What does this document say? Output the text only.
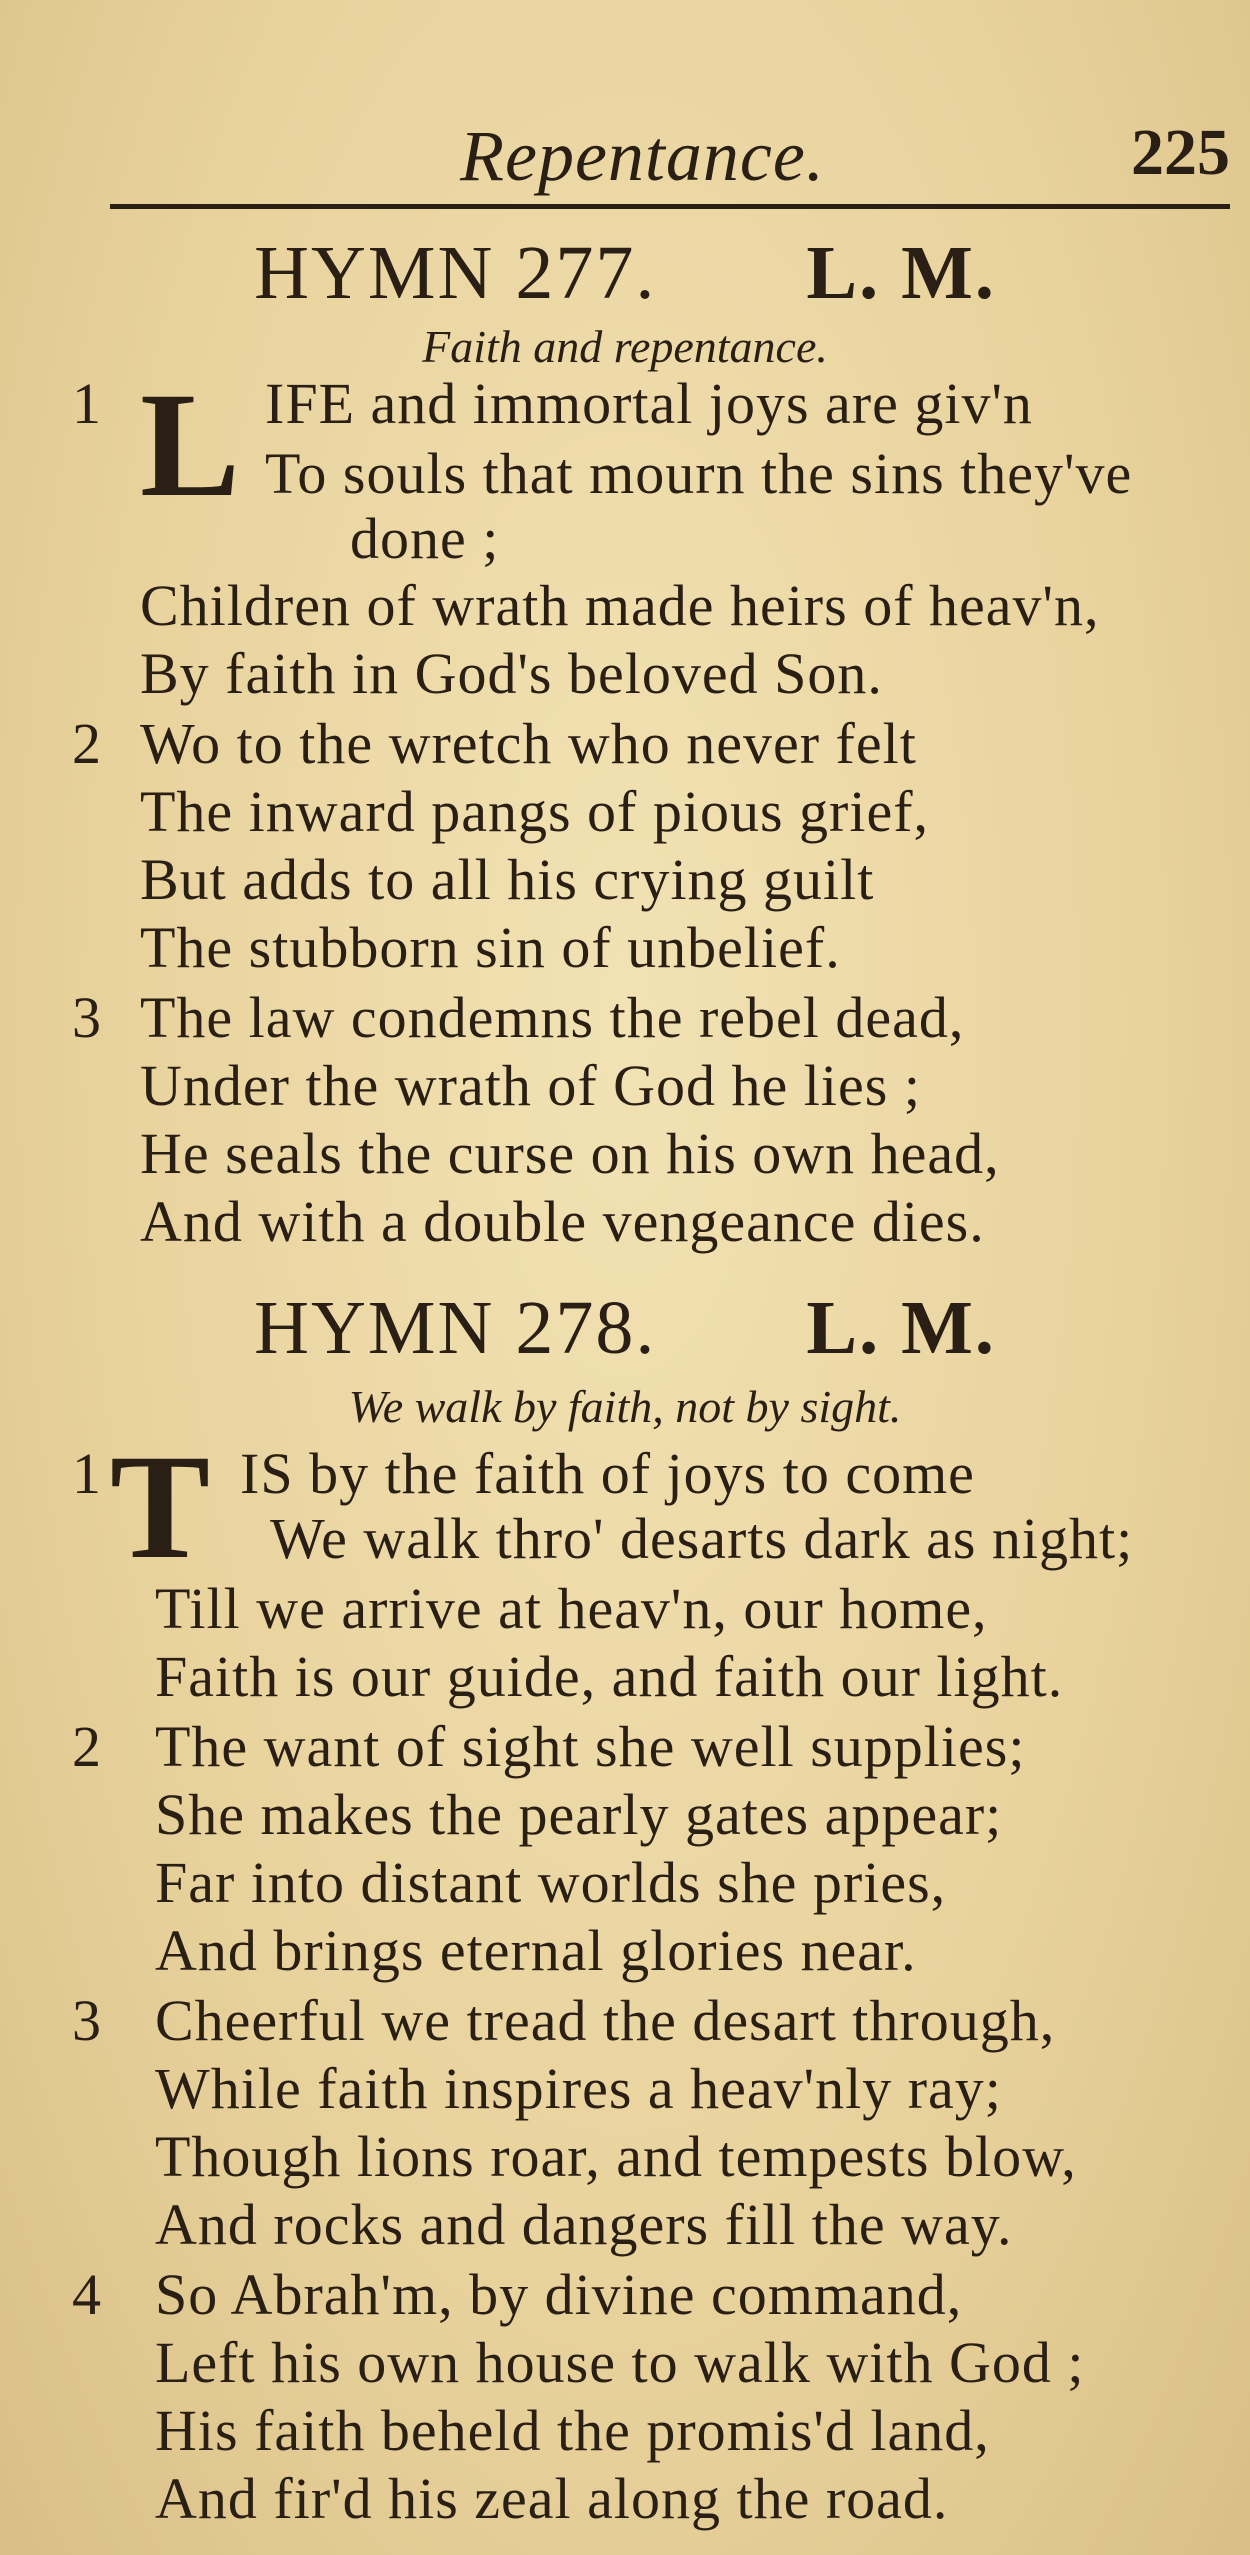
Repentance.	225
HYMN 277. L. M.
Faith and repentance.
1 L IFE and immortal joys are giv'n
To souls that mourn the sins they've
done ;
Children of wrath made heirs of heav'n,
By faith in God's beloved Son.
2 Wo to the wretch who never felt
The inward pangs of pious grief,
But adds to all his crying guilt
The stubborn sin of unbelief.
3 The law condemns the rebel dead,
Under the wrath of God he lies ;
He seals the curse on his own head,
And with a double vengeance dies.
HYMN 278. L. M.
We walk by faith, not by sight.
1 T IS by the faith of joys to come
We walk thro' desarts dark as night;
Till we arrive at heav'n, our home,
Faith is our guide, and faith our light.
2 The want of sight she well supplies;
She makes the pearly gates appear;
Far into distant worlds she pries,
And brings eternal glories near.
3 Cheerful we tread the desart through,
While faith inspires a heav'nly ray;
Though lions roar, and tempests blow,
And rocks and dangers fill the way.
4 So Abrah'm, by divine command,
Left his own house to walk with God ;
His faith beheld the promis'd land,
And fir'd his zeal along the road.
